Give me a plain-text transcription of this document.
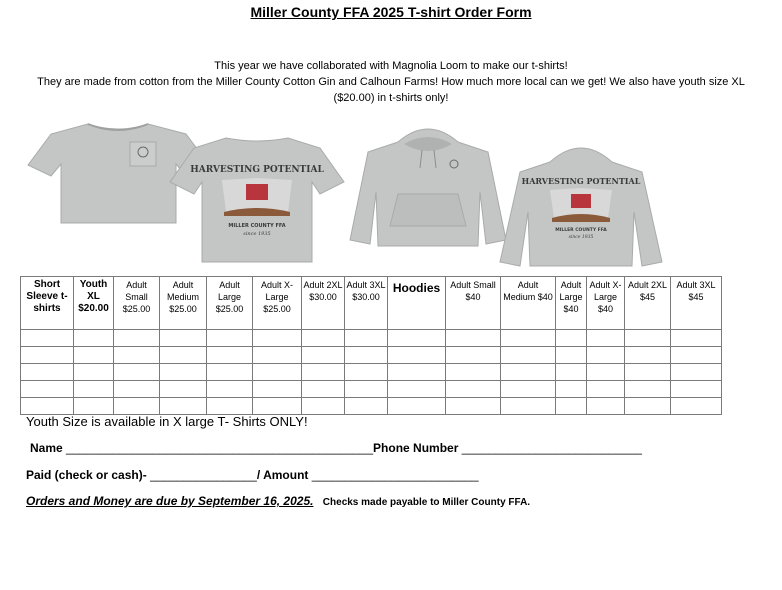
Miller County FFA 2025 T-shirt Order Form
This year we have collaborated with Magnolia Loom to make our t-shirts!
They are made from cotton from the Miller County Cotton Gin and Calhoun Farms! How much more local can we get! We also have youth size XL ($20.00) in t-shirts only!
HARVESTING POTENTIAL
MILLER COUNTY FFA
since 1935
HARVESTING POTENTIAL
MILLER COUNTY FFA
since 1935
Short Sleeve t-shirts	Youth XL $20.00	Adult Small $25.00	Adult Medium $25.00	Adult Large $25.00	Adult X-Large $25.00	Adult 2XL $30.00	Adult 3XL $30.00	Hoodies	Adult Small $40	Adult Medium $40	Adult Large $40	Adult X-Large $40	Adult 2XL $45	Adult 3XL $45

Youth Size is available in X large T- Shirts ONLY!
Name ______________________________________________Phone Number ___________________________
Paid (check or cash)- ________________/ Amount _________________________
Orders and Money are due by September 16, 2025. Checks made payable to Miller County FFA.
